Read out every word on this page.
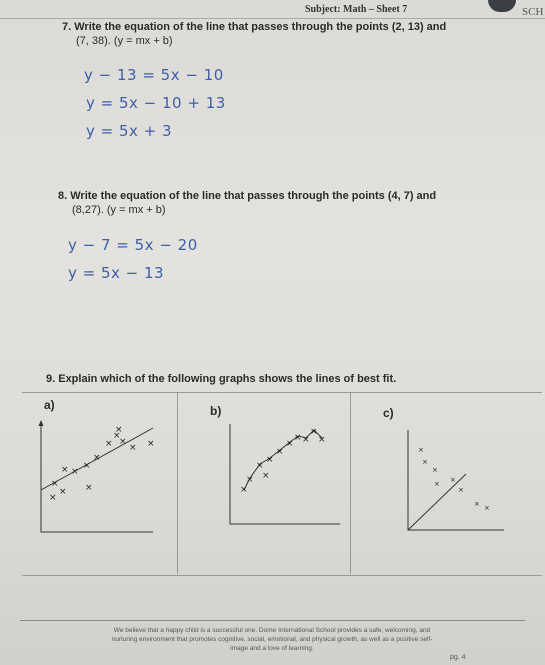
Subject: Math – Sheet 7	SCH
7. Write the equation of the line that passes through the points (2, 13) and
(7, 38). (y = mx + b)
y − 13 = 5x − 10
y = 5x − 10 + 13
y = 5x + 3
8. Write the equation of the line that passes through the points (4, 7) and
(8,27). (y = mx + b)
y − 7 = 5x − 20
y = 5x − 13
9. Explain which of the following graphs shows the lines of best fit.
a)	b)	c)
×
×
× ×
×
×
×
×
×
× ×
×	×
×
×
×
×
×
×
×
× ×
×
×
×
×
×
×
× ×
×
× ×
We believe that a happy child is a successful one. Dome International School provides a safe, welcoming, and
nurturing environment that promotes cognitive, social, emotional, and physical growth, as well as a positive self-
image and a love of learning.
pg. 4
